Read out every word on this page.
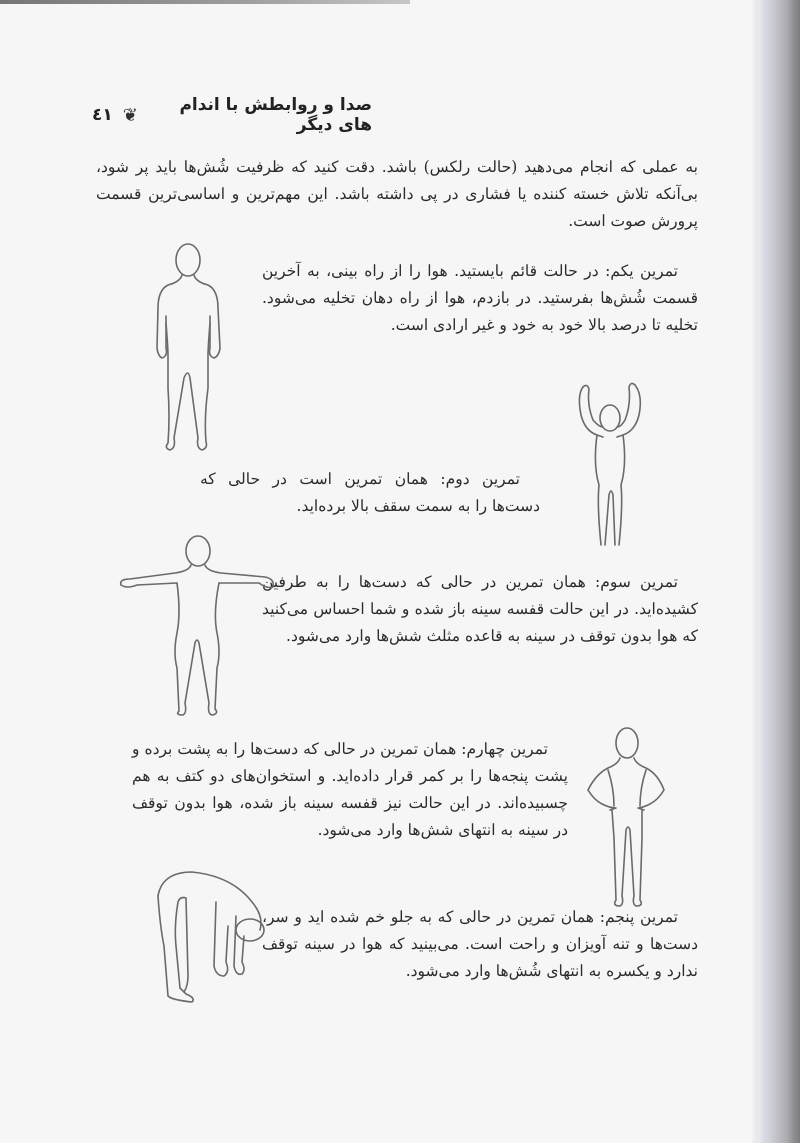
صدا و روابطش با اندام های دیگر
❦
٤١
به عملی که انجام می‌دهید (حالت رلکس) باشد. دقت کنید که ظرفیت شُش‌ها باید پر شود، بی‌آنکه تلاش خسته کننده یا فشاری در پی داشته باشد. این مهم‌ترین و اساسی‌ترین قسمت پرورش صوت است.
تمرین یکم: در حالت قائم بایستید. هوا را از راه بینی، به آخرین قسمت شُش‌ها بفرستید. در بازدم، هوا از راه دهان تخلیه می‌شود. تخلیه تا درصد بالا خود به خود و غیر ارادی است.
تمرین دوم: همان تمرین است در حالی که دست‌ها را به سمت سقف بالا برده‌اید.
تمرین سوم: همان تمرین در حالی که دست‌ها را به طرفین کشیده‌اید. در این حالت قفسه سینه باز شده و شما احساس می‌کنید که هوا بدون توقف در سینه به قاعده مثلث شش‌ها وارد می‌شود.
تمرین چهارم: همان تمرین در حالی که دست‌ها را به پشت برده و پشت پنجه‌ها را بر کمر قرار داده‌اید. و استخوان‌های دو کتف به هم چسبیده‌اند. در این حالت نیز قفسه سینه باز شده، هوا بدون توقف در سینه به انتهای شش‌ها وارد می‌شود.
تمرین پنجم: همان تمرین در حالی که به جلو خم شده اید و سر، دست‌ها و تنه آویزان و راحت است. می‌بینید که هوا در سینه توقف ندارد و یکسره به انتهای شُش‌ها وارد می‌شود.
